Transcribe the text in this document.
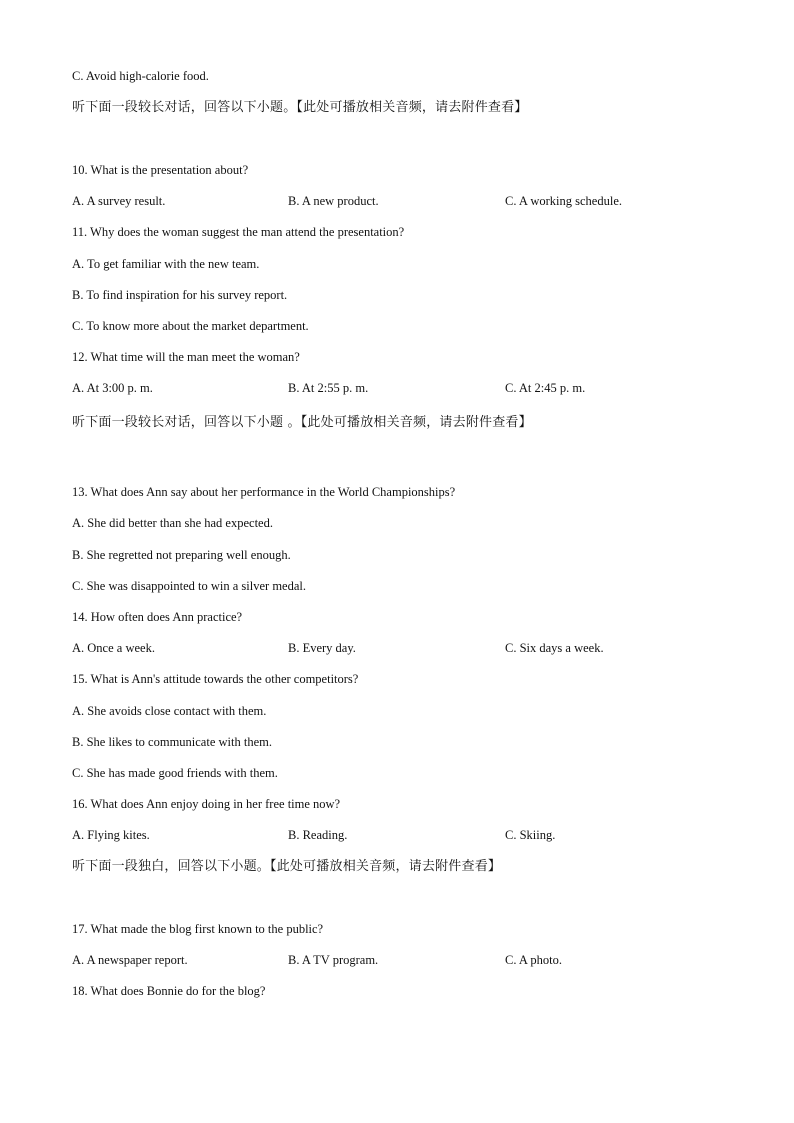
C. Avoid high-calorie food.
听下面一段较长对话，回答以下小题。【此处可播放相关音频，请去附件查看】
10. What is the presentation about?
A. A survey result.	B. A new product.	C. A working schedule.
11. Why does the woman suggest the man attend the presentation?
A. To get familiar with the new team.
B. To find inspiration for his survey report.
C. To know more about the market department.
12. What time will the man meet the woman?
A. At 3:00 p. m.	B. At 2:55 p. m.	C. At 2:45 p. m.
听下面一段较长对话，回答以下小题 。【此处可播放相关音频，请去附件查看】
13. What does Ann say about her performance in the World Championships?
A. She did better than she had expected.
B. She regretted not preparing well enough.
C. She was disappointed to win a silver medal.
14. How often does Ann practice?
A. Once a week.	B. Every day.	C. Six days a week.
15. What is Ann's attitude towards the other competitors?
A. She avoids close contact with them.
B. She likes to communicate with them.
C. She has made good friends with them.
16. What does Ann enjoy doing in her free time now?
A. Flying kites.	B. Reading.	C. Skiing.
听下面一段独白，回答以下小题。【此处可播放相关音频，请去附件查看】
17. What made the blog first known to the public?
A. A newspaper report.	B. A TV program.	C. A photo.
18. What does Bonnie do for the blog?
